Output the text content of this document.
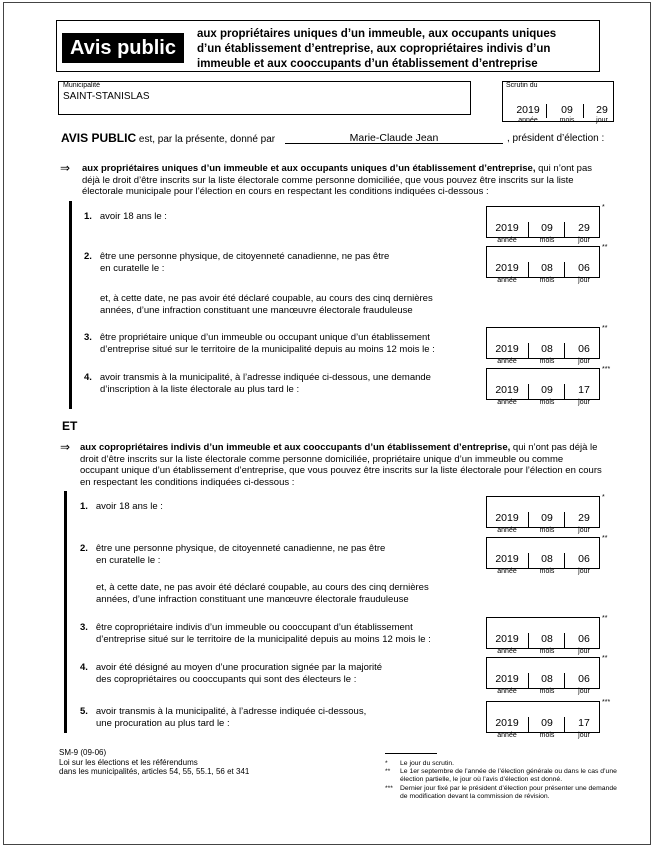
Avis public
aux propriétaires uniques d’un immeuble, aux occupants uniques
d’un établissement d’entreprise, aux copropriétaires indivis d’un
immeuble et aux cooccupants d’un établissement d’entreprise
Municipalité
SAINT-STANISLAS
Scrutin du
2019	09	29
année	mois	jour
AVIS PUBLIC est, par la présente, donné par	Marie-Claude Jean	, président d’élection :
⇒ aux propriétaires uniques d’un immeuble et aux occupants uniques d’un établissement d’entreprise, qui n’ont pas
déjà le droit d’être inscrits sur la liste électorale comme personne domiciliée, que vous pouvez être inscrits sur la liste
électorale municipale pour l’élection en cours en respectant les conditions indiquées ci-dessous :
1. avoir 18 ans le :
2. être une personne physique, de citoyenneté canadienne, ne pas être
en curatelle le :
et, à cette date, ne pas avoir été déclaré coupable, au cours des cinq dernières
années, d’une infraction constituant une manœuvre électorale frauduleuse
3. être propriétaire unique d’un immeuble ou occupant unique d’un établissement
d’entreprise situé sur le territoire de la municipalité depuis au moins 12 mois le :
4. avoir transmis à la municipalité, à l’adresse indiquée ci-dessous, une demande
d’inscription à la liste électorale au plus tard le :
2019
année
09
mois
29
jour
*
2019
année
08
mois
06
jour
**
2019
année
08
mois
06
jour
**
2019
année
09
mois
17
jour
***
ET
⇒ aux copropriétaires indivis d’un immeuble et aux cooccupants d’un établissement d’entreprise, qui n’ont pas déjà le
droit d’être inscrits sur la liste électorale comme personne domiciliée, propriétaire unique d’un immeuble ou comme
occupant unique d’un établissement d’entreprise, que vous pouvez être inscrits sur la liste électorale pour l’élection en cours
en respectant les conditions indiquées ci-dessous :
1. avoir 18 ans le :
2. être une personne physique, de citoyenneté canadienne, ne pas être
en curatelle le :
et, à cette date, ne pas avoir été déclaré coupable, au cours des cinq dernières
années, d’une infraction constituant une manœuvre électorale frauduleuse
3. être copropriétaire indivis d’un immeuble ou cooccupant d’un établissement
d’entreprise situé sur le territoire de la municipalité depuis au moins 12 mois le :
4. avoir été désigné au moyen d’une procuration signée par la majorité
des copropriétaires ou cooccupants qui sont des électeurs le :
5. avoir transmis à la municipalité, à l’adresse indiquée ci-dessous,
une procuration au plus tard le :
2019
année
09
mois
29
jour
*
2019
année
08
mois
06
jour
**
2019
année
08
mois
06
jour
**
2019
année
08
mois
06
jour
**
2019
année
09
mois
17
jour
***
SM-9 (09-06)
Loi sur les élections et les référendums
dans les municipalités, articles 54, 55, 55.1, 56 et 341
* Le jour du scrutin.
** Le 1er septembre de l’année de l’élection générale ou dans le cas d’une élection partielle, le jour où l’avis d’élection est donné.
*** Dernier jour fixé par le président d’élection pour présenter une demande de modification devant la commission de révision.
